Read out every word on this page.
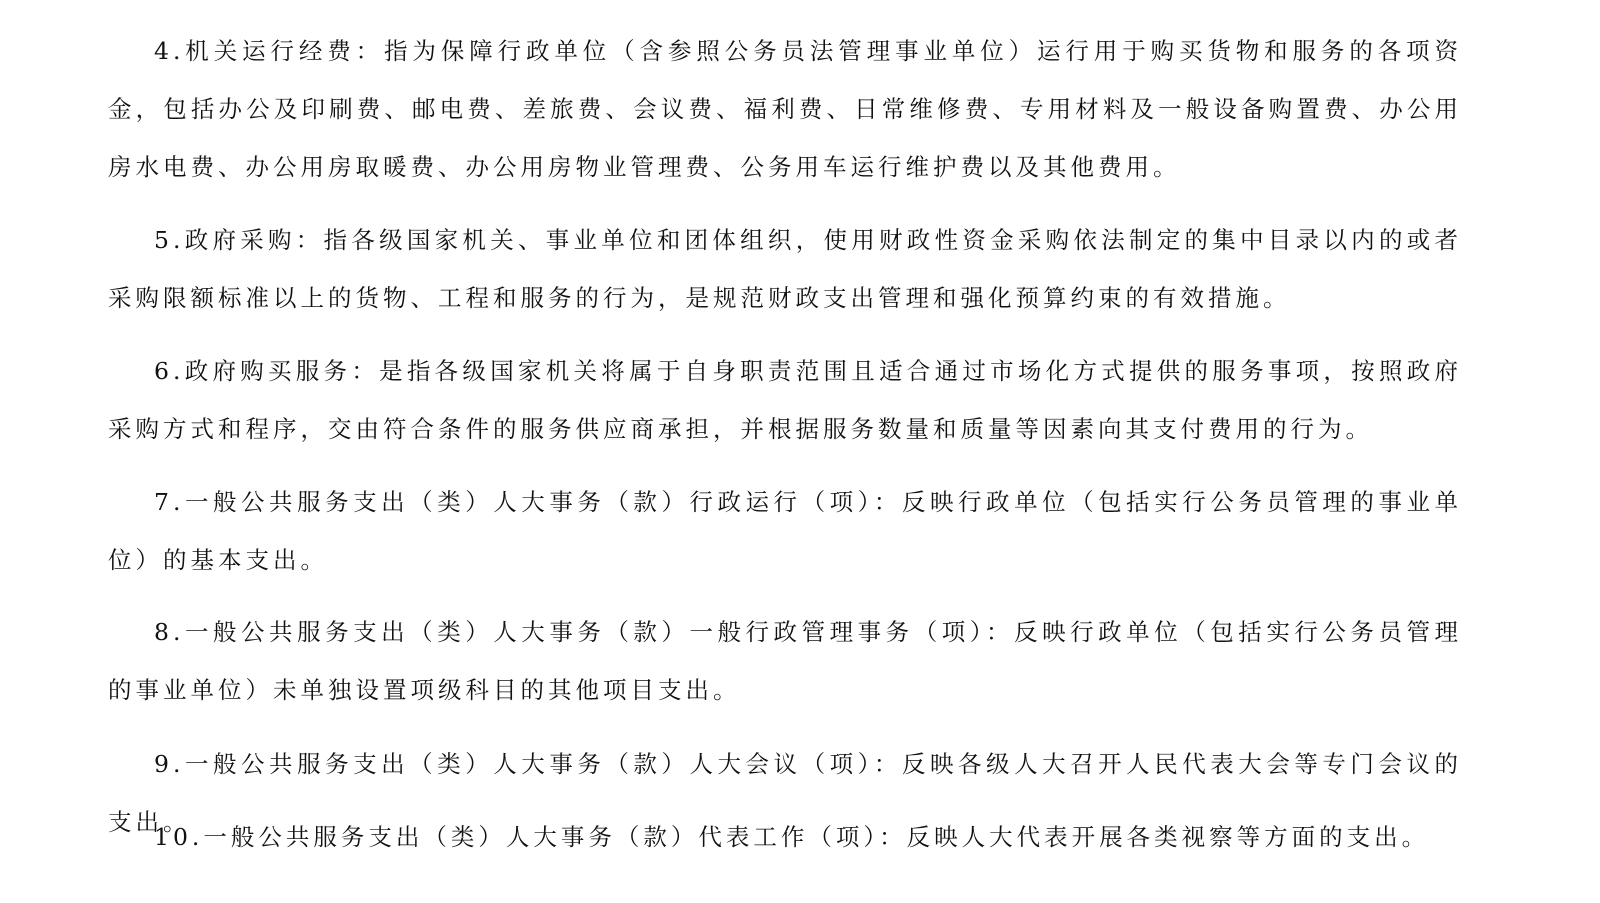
4.机关运行经费：指为保障行政单位（含参照公务员法管理事业单位）运行用于购买货物和服务的各项资金，包括办公及印刷费、邮电费、差旅费、会议费、福利费、日常维修费、专用材料及一般设备购置费、办公用房水电费、办公用房取暖费、办公用房物业管理费、公务用车运行维护费以及其他费用。

5.政府采购：指各级国家机关、事业单位和团体组织，使用财政性资金采购依法制定的集中目录以内的或者采购限额标准以上的货物、工程和服务的行为，是规范财政支出管理和强化预算约束的有效措施。

6.政府购买服务：是指各级国家机关将属于自身职责范围且适合通过市场化方式提供的服务事项，按照政府采购方式和程序，交由符合条件的服务供应商承担，并根据服务数量和质量等因素向其支付费用的行为。

7.一般公共服务支出（类）人大事务（款）行政运行（项）：反映行政单位（包括实行公务员管理的事业单位）的基本支出。

8.一般公共服务支出（类）人大事务（款）一般行政管理事务（项）：反映行政单位（包括实行公务员管理的事业单位）未单独设置项级科目的其他项目支出。

9.一般公共服务支出（类）人大事务（款）人大会议（项）：反映各级人大召开人民代表大会等专门会议的支出。

10.一般公共服务支出（类）人大事务（款）代表工作（项）：反映人大代表开展各类视察等方面的支出。
